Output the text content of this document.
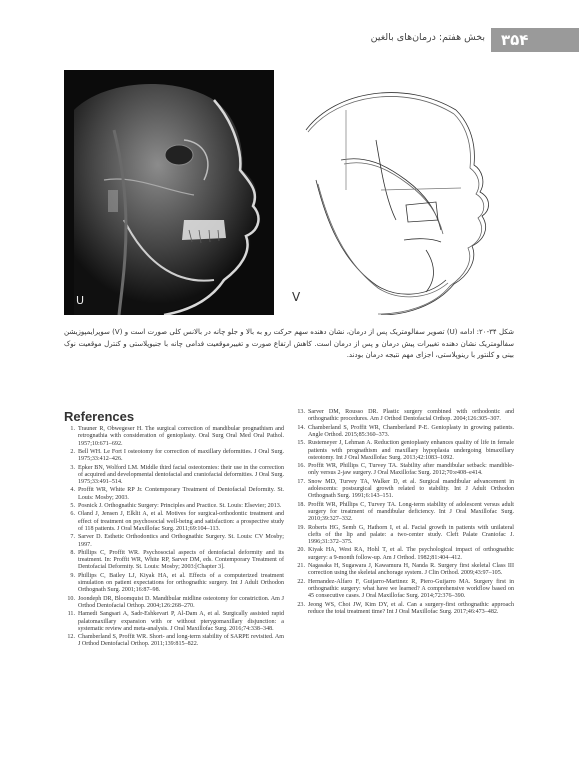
بخش هفتم: درمان‌های بالغین	۳۵۴
U	V
شکل ۳۴-۲۰: ادامه (U) تصویر سفالومتریک پس از درمان، نشان دهنده سهم حرکت رو به بالا و جلو چانه در بالانس کلی صورت است و (V) سوپرایمپوزیشن سفالومتریک نشان دهنده تغییرات پیش درمان و پس از درمان است. کاهش ارتفاع صورت و تغییرموقعیت فدامی چانه با جنیوپلاستی و کنترل موقعیت نوک بینی و کلنتور با رینوپلاستی، اجزای مهم نتیجه درمان بودند.
References
1. Trauner R, Obwegeser H. The surgical correction of mandibular prognathism and retrognathia with consideration of genioplasty. Oral Surg Oral Med Oral Pathol. 1957;10:671–692.
2. Bell WH. Le Fort I osteotomy for correction of maxillary deformities. J Oral Surg. 1975;33:412–426.
3. Epker BN, Wolford LM. Middle third facial osteotomies: their use in the correction of acquired and developmental dentofacial and craniofacial deformities. J Oral Surg. 1975;33:491–514.
4. Proffit WR, White RP Jr. Contemporary Treatment of Dentofacial Deformity. St. Louis: Mosby; 2003.
5. Posnick J. Orthognathic Surgery: Principles and Practice. St. Louis: Elsevier; 2013.
6. Oland J, Jensen J, Elklit A, et al. Motives for surgical-orthodontic treatment and effect of treatment on psychosocial well-being and satisfaction: a prospective study of 118 patients. J Oral Maxillofac Surg. 2011;69:104–113.
7. Sarver D. Esthetic Orthodontics and Orthognathic Surgery. St. Louis: CV Mosby; 1997.
8. Phillips C, Proffit WR. Psychosocial aspects of dentofacial deformity and its treatment. In: Proffit WR, White RP, Sarver DM, eds. Contemporary Treatment of Dentofacial Deformity. St. Louis: Mosby; 2003:[Chapter 3].
9. Phillips C, Bailey LJ, Kiyak HA, et al. Effects of a computerized treatment simulation on patient expectations for orthognathic surgery. Int J Adult Orthodon Orthognath Surg. 2001;16:87–98.
10. Joondeph DR, Bloomquist D. Mandibular midline osteotomy for constriction. Am J Orthod Dentofacial Orthop. 2004;126:268–270.
11. Hamedi Sangsari A, Sadr-Eshkevari P, Al-Dam A, et al. Surgically assisted rapid palatomaxillary expansion with or without pterygomaxillary disjunction: a systematic review and meta-analysis. J Oral Maxillofac Surg. 2016;74:338–348.
12. Chamberland S, Proffit WR. Short- and long-term stability of SARPE revisited. Am J Orthod Dentofacial Orthop. 2011;139:815–822.
13. Sarver DM, Rousso DR. Plastic surgery combined with orthodontic and orthognathic procedures. Am J Orthod Dentofacial Orthop. 2004;126:305–307.
14. Chamberland S, Proffit WR, Chamberland P-E. Genioplasty in growing patients. Angle Orthod. 2015;85:360–373.
15. Rustemeyer J, Lehman A. Reduction genioplasty enhances quality of life in female patients with prognathism and maxillary hypoplasia undergoing bimaxillary osteotomy. Int J Oral Maxillofac Surg. 2013;42:1083–1092.
16. Proffit WR, Phillips C, Turvey TA. Stability after mandibular setback: mandible-only versus 2-jaw surgery. J Oral Maxillofac Surg. 2012;70:e408–e414.
17. Snow MD, Turvey TA, Walker D, et al. Surgical mandibular advancement in adolescents: postsurgical growth related to stability. Int J Adult Orthodon Orthognath Surg. 1991;6:143–151.
18. Proffit WR, Phillips C, Turvey TA. Long-term stability of adolescent versus adult surgery for treatment of mandibular deficiency. Int J Oral Maxillofac Surg. 2010;39:327–332.
19. Roberts HG, Semb G, Hathorn I, et al. Facial growth in patients with unilateral clefts of the lip and palate: a two-center study. Cleft Palate Craniofac J. 1996;31:372–375.
20. Kiyak HA, West RA, Hohl T, et al. The psychological impact of orthognathic surgery: a 9-month follow-up. Am J Orthod. 1982;81:404–412.
21. Nagasaka H, Sugawara J, Kawamura H, Nanda R. Surgery first skeletal Class III correction using the skeletal anchorage system. J Clin Orthod. 2009;43:97–105.
22. Hernandez-Alfaro F, Guijarro-Martinez R, Piero-Guijarro MA. Surgery first in orthognathic surgery: what have we learned? A comprehensive workflow based on 45 consecutive cases. J Oral Maxillofac Surg. 2014;72:376–390.
23. Jeong WS, Choi JW, Kim DY, et al. Can a surgery-first orthognathic approach reduce the total treatment time? Int J Oral Maxillofac Surg. 2017;46:473–482.
